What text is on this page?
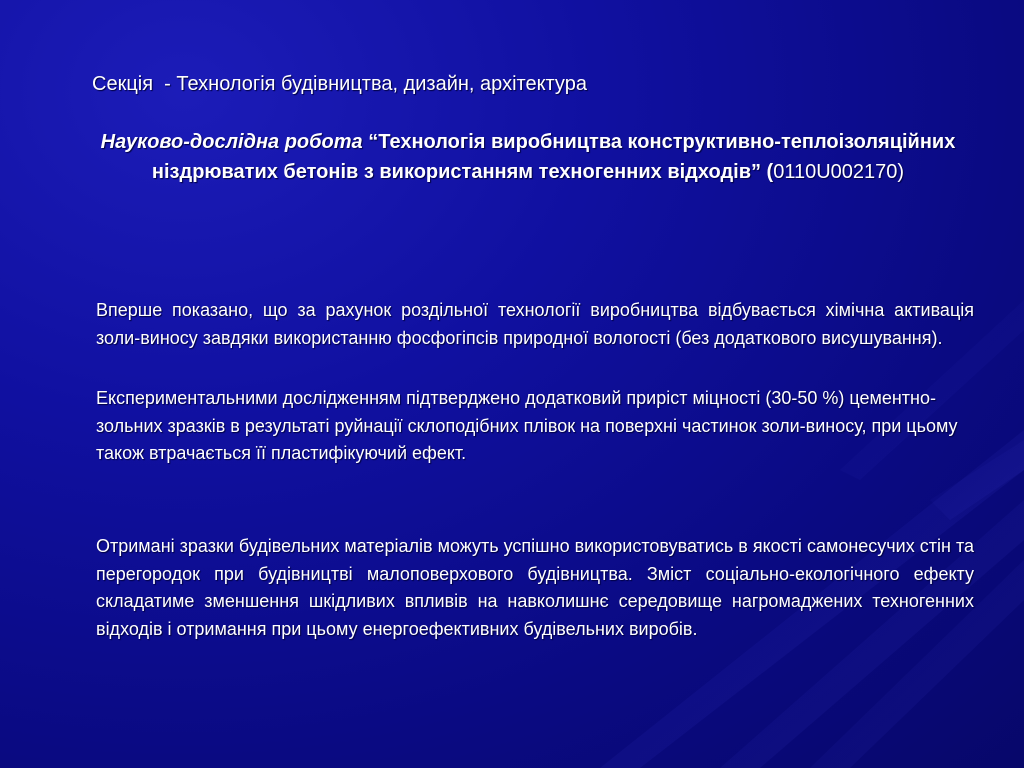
Секція  - Технологія будівництва, дизайн, архітектура
Науково-дослідна робота “Технологія виробництва конструктивно-теплоізоляційних ніздрюватих бетонів з використанням техногенних відходів” (0110U002170)
Вперше показано, що за рахунок роздільної технології виробництва відбувається хімічна активація золи-виносу завдяки використанню фосфогіпсів природної вологості (без додаткового висушування).
Експериментальними дослідженням підтверджено додатковий приріст міцності (30-50 %) цементно-зольних зразків в результаті руйнації склоподібних плівок на поверхні частинок золи-виносу, при цьому також втрачається її пластифікуючий ефект.
Отримані зразки будівельних матеріалів можуть успішно використовуватись в якості самонесучих стін та перегородок при будівництві малоповерхового будівництва. Зміст соціально-екологічного ефекту складатиме зменшення шкідливих впливів на навколишнє середовище нагромаджених техногенних відходів і отримання при цьому енергоефективних будівельних виробів.
